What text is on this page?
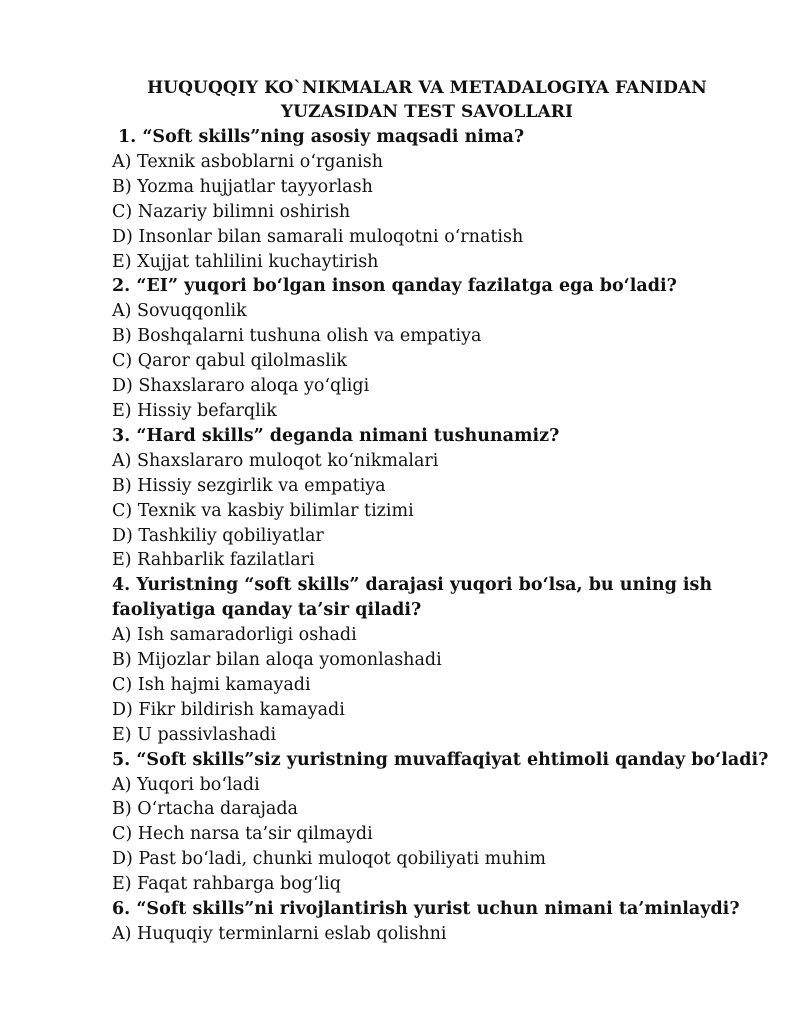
HUQUQQIY KO`NIKMALAR VA METADALOGIYA FANIDAN
YUZASIDAN TEST SAVOLLARI

1. “Soft skills”ning asosiy maqsadi nima?

A) Texnik asboblarni o‘rganish

B) Yozma hujjatlar tayyorlash

C) Nazariy bilimni oshirish

D) Insonlar bilan samarali muloqotni o‘rnatish

E) Xujjat tahlilini kuchaytirish

2. “EI” yuqori bo‘lgan inson qanday fazilatga ega bo‘ladi?

A) Sovuqqonlik

B) Boshqalarni tushuna olish va empatiya

C) Qaror qabul qilolmaslik

D) Shaxslararo aloqa yo‘qligi

E) Hissiy befarqlik

3. “Hard skills” deganda nimani tushunamiz?

A) Shaxslararo muloqot ko‘nikmalari

B) Hissiy sezgirlik va empatiya

C) Texnik va kasbiy bilimlar tizimi

D) Tashkiliy qobiliyatlar

E) Rahbarlik fazilatlari

4. Yuristning “soft skills” darajasi yuqori bo‘lsa, bu uning ish

faoliyatiga qanday ta’sir qiladi?

A) Ish samaradorligi oshadi

B) Mijozlar bilan aloqa yomonlashadi

C) Ish hajmi kamayadi

D) Fikr bildirish kamayadi

E) U passivlashadi

5. “Soft skills”siz yuristning muvaffaqiyat ehtimoli qanday bo‘ladi?

A) Yuqori bo‘ladi

B) O‘rtacha darajada

C) Hech narsa ta’sir qilmaydi

D) Past bo‘ladi, chunki muloqot qobiliyati muhim

E) Faqat rahbarga bog‘liq

6. “Soft skills”ni rivojlantirish yurist uchun nimani ta’minlaydi?

A) Huquqiy terminlarni eslab qolishni
